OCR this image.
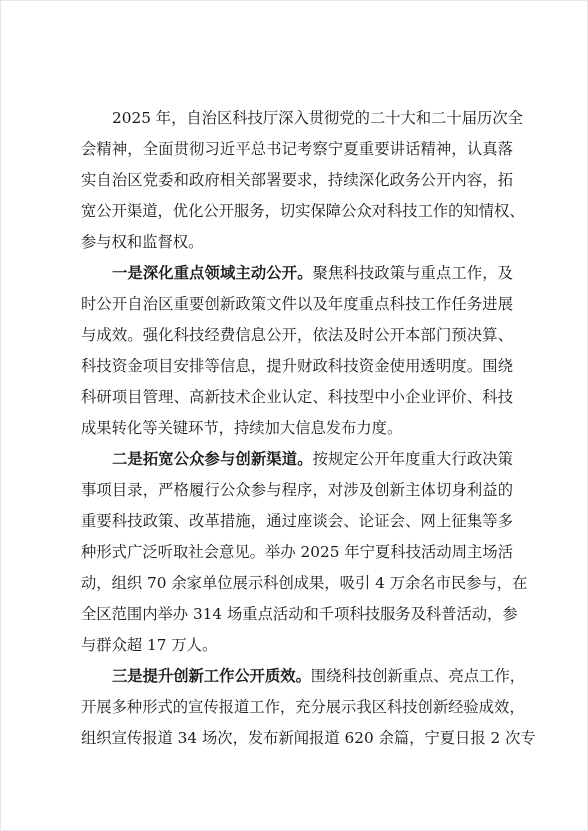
2025 年，自治区科技厅深入贯彻党的二十大和二十届历次全
会精神，全面贯彻习近平总书记考察宁夏重要讲话精神，认真落
实自治区党委和政府相关部署要求，持续深化政务公开内容，拓
宽公开渠道，优化公开服务，切实保障公众对科技工作的知情权、
参与权和监督权。
一是深化重点领域主动公开。聚焦科技政策与重点工作，及
时公开自治区重要创新政策文件以及年度重点科技工作任务进展
与成效。强化科技经费信息公开，依法及时公开本部门预决算、
科技资金项目安排等信息，提升财政科技资金使用透明度。围绕
科研项目管理、高新技术企业认定、科技型中小企业评价、科技
成果转化等关键环节，持续加大信息发布力度。
二是拓宽公众参与创新渠道。按规定公开年度重大行政决策
事项目录，严格履行公众参与程序，对涉及创新主体切身利益的
重要科技政策、改革措施，通过座谈会、论证会、网上征集等多
种形式广泛听取社会意见。举办 2025 年宁夏科技活动周主场活
动，组织 70 余家单位展示科创成果，吸引 4 万余名市民参与，在
全区范围内举办 314 场重点活动和千项科技服务及科普活动，参
与群众超 17 万人。
三是提升创新工作公开质效。围绕科技创新重点、亮点工作，
开展多种形式的宣传报道工作，充分展示我区科技创新经验成效，
组织宣传报道 34 场次，发布新闻报道 620 余篇，宁夏日报 2 次专
